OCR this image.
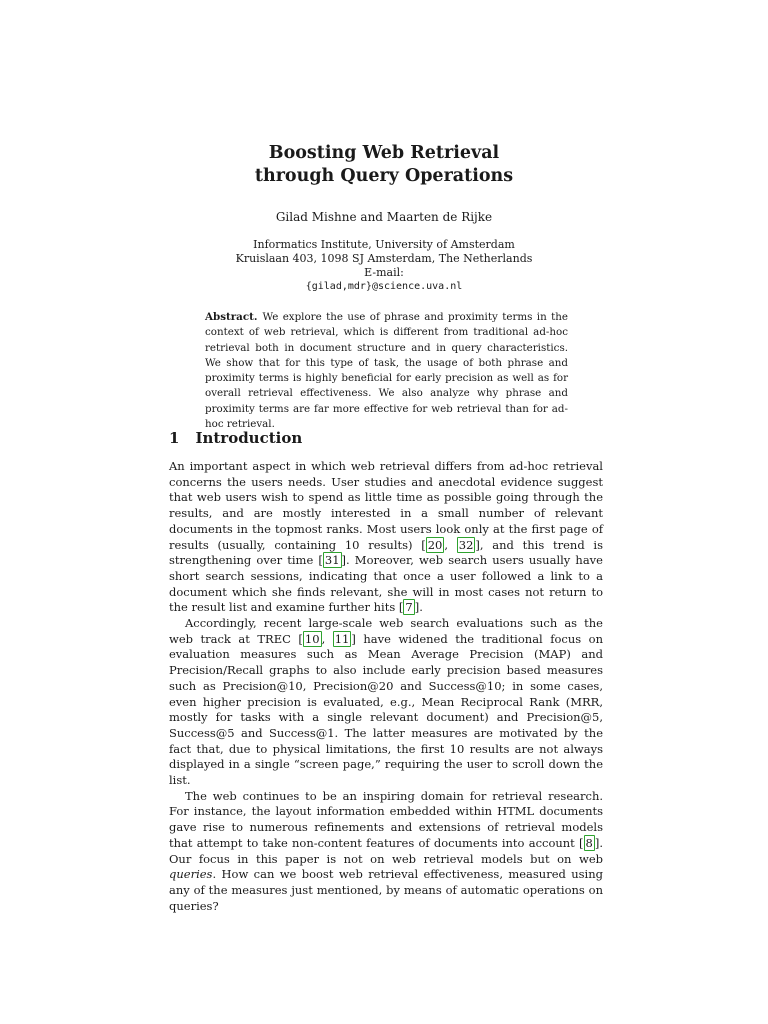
Boosting Web Retrieval
through Query Operations
Gilad Mishne and Maarten de Rijke
Informatics Institute, University of Amsterdam
Kruislaan 403, 1098 SJ Amsterdam, The Netherlands
E-mail:
{gilad,mdr}@science.uva.nl
Abstract. We explore the use of phrase and proximity terms in the context of web retrieval, which is different from traditional ad-hoc retrieval both in document structure and in query characteristics. We show that for this type of task, the usage of both phrase and proximity terms is highly beneficial for early precision as well as for overall retrieval effectiveness. We also analyze why phrase and proximity terms are far more effective for web retrieval than for ad-hoc retrieval.
1 Introduction

An important aspect in which web retrieval differs from ad-hoc retrieval concerns the users needs. User studies and anecdotal evidence suggest that web users wish to spend as little time as possible going through the results, and are mostly interested in a small number of relevant documents in the topmost ranks. Most users look only at the first page of results (usually, containing 10 results) [ 20 , 32 ], and this trend is strengthening over time [ 31 ]. Moreover, web search users usually have short search sessions, indicating that once a user followed a link to a document which she finds relevant, she will in most cases not return to the result list and examine further hits [ 7 ].

Accordingly, recent large-scale web search evaluations such as the web track at TREC [ 10 , 11 ] have widened the traditional focus on evaluation measures such as Mean Average Precision (MAP) and Precision/Recall graphs to also include early precision based measures such as Precision@10, Precision@20 and Success@10; in some cases, even higher precision is evaluated, e.g., Mean Reciprocal Rank (MRR, mostly for tasks with a single relevant document) and Precision@5, Success@5 and Success@1. The latter measures are motivated by the fact that, due to physical limitations, the first 10 results are not always displayed in a single “screen page,” requiring the user to scroll down the list.

The web continues to be an inspiring domain for retrieval research. For instance, the layout information embedded within HTML documents gave rise to numerous refinements and extensions of retrieval models that attempt to take non-content features of documents into account [ 8 ]. Our focus in this paper is not on web retrieval models but on web queries. How can we boost web retrieval effectiveness, measured using any of the measures just mentioned, by means of automatic operations on queries?
